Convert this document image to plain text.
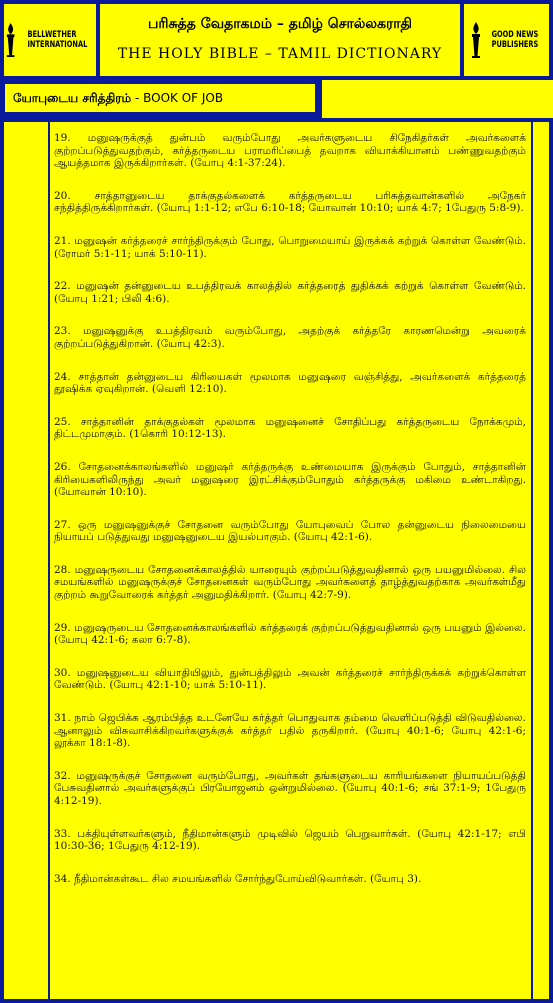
BELLWETHER
INTERNATIONAL
பரிசுத்த வேதாகமம் – தமிழ் சொல்லகராதி
THE HOLY BIBLE – TAMIL DICTIONARY
GOOD NEWS
PUBLISHERS
யோபுடைய சரித்திரம் - BOOK OF JOB

19. மனுஷருக்குத் துன்பம் வரும்போது அவர்களுடைய சிநேகிதர்கள் அவர்களைக் குற்றப்படுத்துவதற்கும், கர்த்தருடைய பராமரிப்பைத் தவறாக வியாக்கியானம் பண்ணுவதற்கும் ஆயத்தமாக இருக்கிறார்கள். (யோபு 4:1-37:24).

20. சாத்தானுடைய தாக்குதல்களைக் கர்த்தருடைய பரிசுத்தவான்களில் அநேகர் சந்தித்திருக்கிறார்கள். (யோபு 1:1-12; எபே 6:10-18; யோவான் 10:10; யாக் 4:7; 1பேதுரு 5:8-9).

21. மனுஷன் கர்த்தரைச் சார்ந்திருக்கும் போது, பொறுமையாய் இருக்கக் கற்றுக் கொள்ள வேண்டும். (ரோமர் 5:1-11; யாக் 5:10-11).

22. மனுஷன் தன்னுடைய உபத்திரவக் காலத்தில் கர்த்தரைத் துதிக்கக் கற்றுக் கொள்ள வேண்டும். (யோபு 1:21; பிலி 4:6).

23. மனுஷனுக்கு உபத்திரவம் வரும்போது, அதற்குக் கர்த்தரே காரணமென்று அவரைக் குற்றப்படுத்துகிறான். (யோபு 42:3).

24. சாத்தான் தன்னுடைய கிரியைகள் மூலமாக மனுஷரை வஞ்சித்து, அவர்களைக் கர்த்தரைத் தூஷிக்க ஏவுகிறான். (வெளி 12:10).

25. சாத்தானின் தாக்குதல்கள் மூலமாக மனுஷனைச் சோதிப்பது கர்த்தருடைய நோக்கமும், திட்டமுமாகும். (1கொரி 10:12-13).

26. சோதனைக்காலங்களில் மனுஷர் கர்த்தருக்கு உண்மையாக இருக்கும் போதும், சாத்தானின் கிரியைகளிலிருந்து அவர் மனுஷரை இரட்சிக்கும்போதும் கர்த்தருக்கு மகிமை உண்டாகிறது. (யோவான் 10:10).

27. ஒரு மனுஷனுக்குச் சோதனை வரும்போது யோபுவைப் போல தன்னுடைய நிலைமையை நியாயப் படுத்துவது மனுஷனுடைய இயல்பாகும். (யோபு 42:1-6).

28. மனுஷருடைய சோதனைக்காலத்தில் யாரையும் குற்றப்படுத்துவதினால் ஒரு பயனுமில்லை. சில சமயங்களில் மனுஷருக்குச் சோதனைகள் வரும்போது அவர்களைத் தாழ்த்துவதற்காக அவர்கள்மீது குற்றம் கூறுவோரைக் கர்த்தர் அனுமதிக்கிறார். (யோபு 42:7-9).

29. மனுஷருடைய சோதனைக்காலங்களில் கர்த்தரைக் குற்றப்படுத்துவதினால் ஒரு பயனும் இல்லை. (யோபு 42:1-6; கலா 6:7-8).

30. மனுஷனுடைய வியாதியிலும், துன்பத்திலும் அவன் கர்த்தரைச் சார்ந்திருக்கக் கற்றுக்கொள்ள வேண்டும். (யோபு 42:1-10; யாக் 5:10-11).

31. நாம் ஜெபிக்க ஆரம்பித்த உடனேயே கர்த்தர் பொதுவாக தம்மை வெளிப்படுத்தி விடுவதில்லை. ஆனாலும் விசுவாசிக்கிறவர்களுக்குக் கர்த்தர் பதில் தருகிறார். (யோபு 40:1-6; யோபு 42:1-6; லூக்கா 18:1-8).

32. மனுஷருக்குச் சோதனை வரும்போது, அவர்கள் தங்களுடைய காரியங்களை நியாயப்படுத்தி பேசுவதினால் அவர்களுக்குப் பிரயோஜனம் ஒன்றுமில்லை. (யோபு 40:1-6; சங் 37:1-9; 1பேதுரு 4:12-19).

33. பக்தியுள்ளவர்களும், நீதிமான்களும் முடிவில் ஜெயம் பெறுவார்கள். (யோபு 42:1-17; எபி 10:30-36; 1பேதுரு 4:12-19).

34. நீதிமான்கள்கூட சில சமயங்களில் சோர்ந்துபோய்விடுவார்கள். (யோபு 3).
